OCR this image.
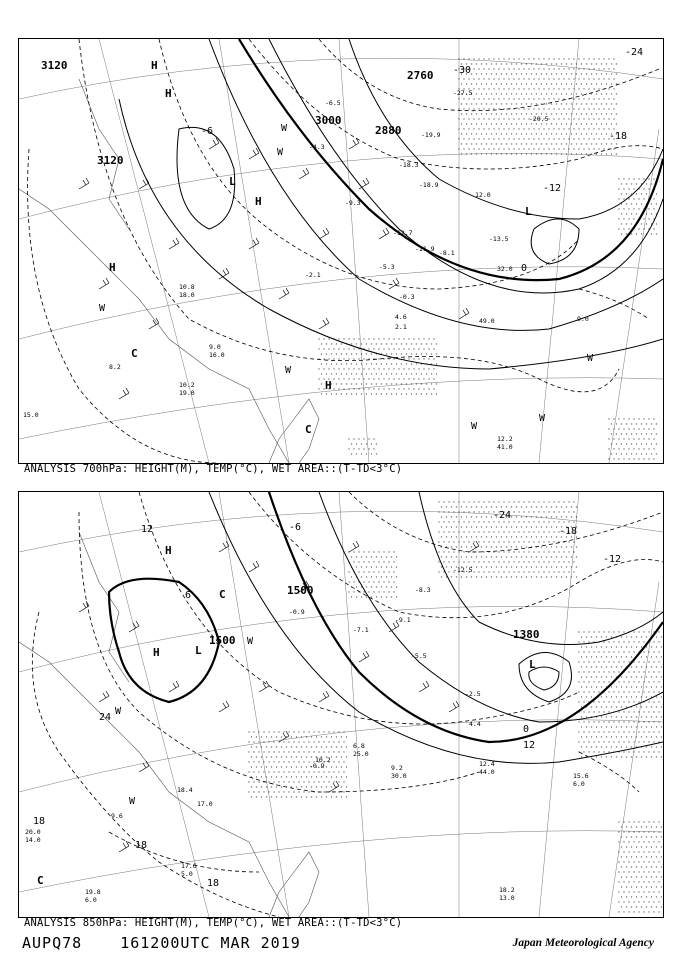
3120
3120
3000
2880
2760 -30
-24
-18
-12
-6
0
H
H
L
H
H
L
H
C
C
W
W
W
W
W
W
W
-18.3
-19.9
-18.9
12.0
-27.5
-20.5
-12.7
-13.5
32.0
49.0	9.0
12.2
41.0
10.2
19.0
9.0
16.0
8.2
15.0
10.8
18.0
-8.1
-4.3
-6.5
-2.1
-0.3
-5.3
-9.3
-11.9
4.6
2.1
ANALYSIS 700hPa: HEIGHT(M), TEMP(°C), WET AREA::(T-TD<3°C)
1500
1500	1380
-24
-18
-12
-6
0
6
12
18
24
18
18
12
H
H	L
L
C
C
W
W
W
-12.5
-8.3
-9.1
-7.1
-5.5
-2.5
-0.9
6.8
25.0
9.2
30.0
12.4
44.0	15.6
6.0
18.2
13.0
17.6
5.0
19.8
6.0
20.0
14.0
18.4
-0.9
10.2
9.6
17.0
4.4
ANALYSIS 850hPa: HEIGHT(M), TEMP(°C), WET AREA::(T-TD<3°C)
AUPQ78	161200UTC MAR 2019	Japan Meteorological Agency
